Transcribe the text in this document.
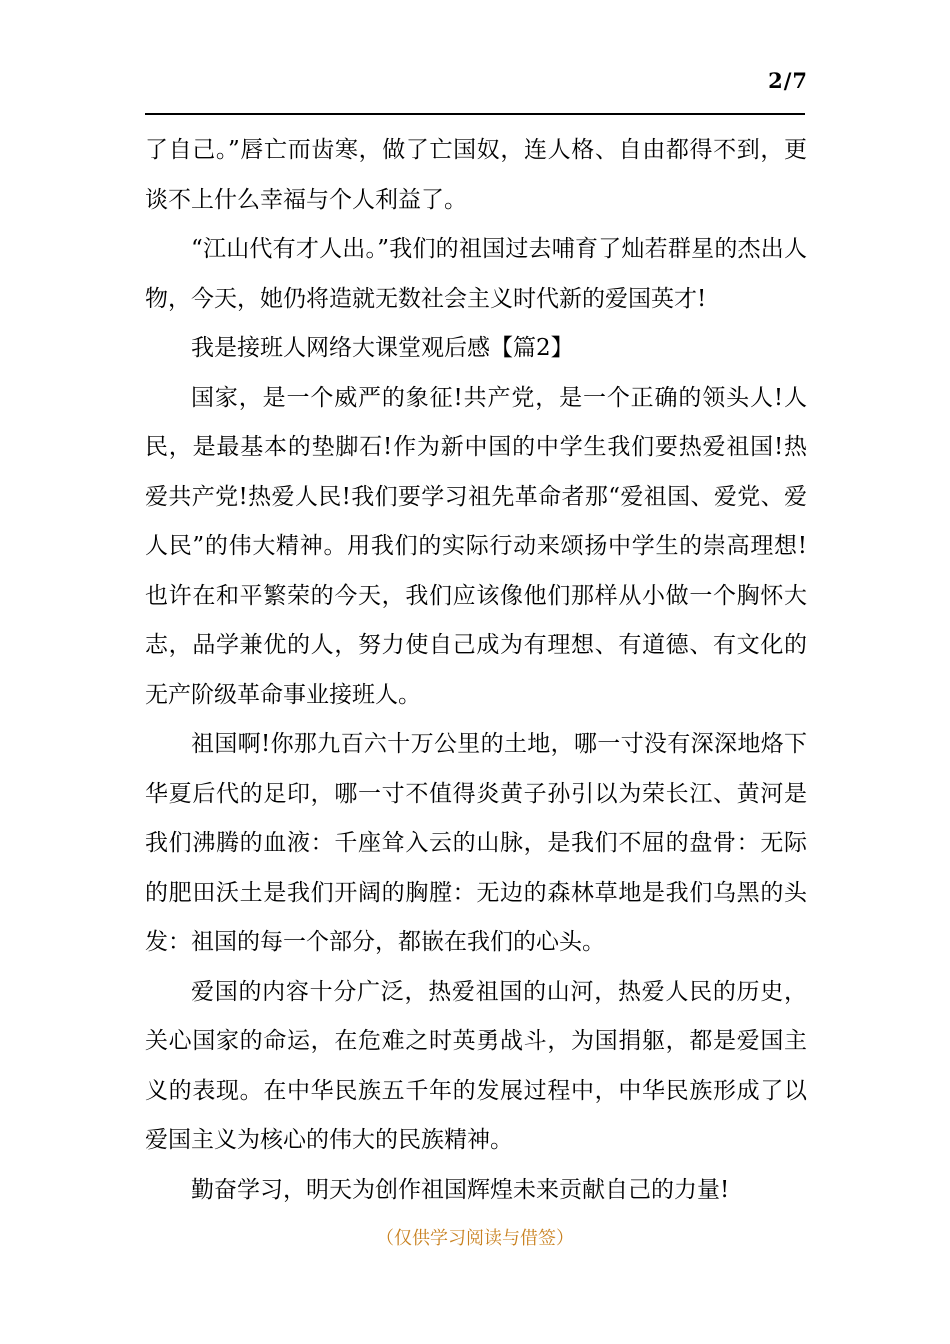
2/7

了自己。”唇亡而齿寒，做了亡国奴，连人格、自由都得不到，更谈不上什么幸福与个人利益了。

“江山代有才人出。”我们的祖国过去哺育了灿若群星的杰出人物，今天，她仍将造就无数社会主义时代新的爱国英才!

我是接班人网络大课堂观后感【篇2】

国家，是一个威严的象征!共产党，是一个正确的领头人!人民，是最基本的垫脚石!作为新中国的中学生我们要热爱祖国!热爱共产党!热爱人民!我们要学习祖先革命者那“爱祖国、爱党、爱人民”的伟大精神。用我们的实际行动来颂扬中学生的崇高理想!也许在和平繁荣的今天，我们应该像他们那样从小做一个胸怀大志，品学兼优的人，努力使自己成为有理想、有道德、有文化的无产阶级革命事业接班人。

祖国啊!你那九百六十万公里的土地，哪一寸没有深深地烙下华夏后代的足印，哪一寸不值得炎黄子孙引以为荣长江、黄河是我们沸腾的血液：千座耸入云的山脉，是我们不屈的盘骨：无际的肥田沃土是我们开阔的胸膛：无边的森林草地是我们乌黑的头发：祖国的每一个部分，都嵌在我们的心头。

爱国的内容十分广泛，热爱祖国的山河，热爱人民的历史，关心国家的命运，在危难之时英勇战斗，为国捐躯，都是爱国主义的表现。在中华民族五千年的发展过程中，中华民族形成了以爱国主义为核心的伟大的民族精神。

勤奋学习，明天为创作祖国辉煌未来贡献自己的力量!

（仅供学习阅读与借签）
